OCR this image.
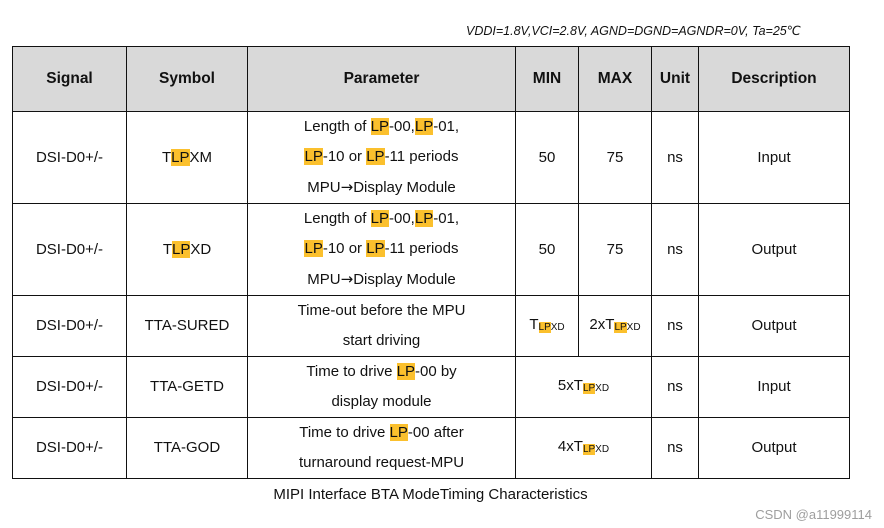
VDDI=1.8V,VCI=2.8V, AGND=DGND=AGNDR=0V, Ta=25℃
Signal	Symbol	Parameter	MIN	MAX	Unit	Description
DSI-D0+/-	TLPXM	Length of LP-00,LP-01,
LP-10 or LP-11 periods
MPU→Display Module	50	75	ns	Input
DSI-D0+/-	TLPXD	Length of LP-00,LP-01,
LP-10 or LP-11 periods
MPU→Display Module	50	75	ns	Output
DSI-D0+/-	TTA-SURED	Time-out before the MPU
start driving	TLPXD	2xTLPXD	ns	Output
DSI-D0+/-	TTA-GETD	Time to drive LP-00 by
display module	5xTLPXD		ns	Input
DSI-D0+/-	TTA-GOD	Time to drive LP-00 after
turnaround request-MPU	4xTLPXD		ns	Output
MIPI Interface BTA ModeTiming Characteristics
CSDN @a11999114
